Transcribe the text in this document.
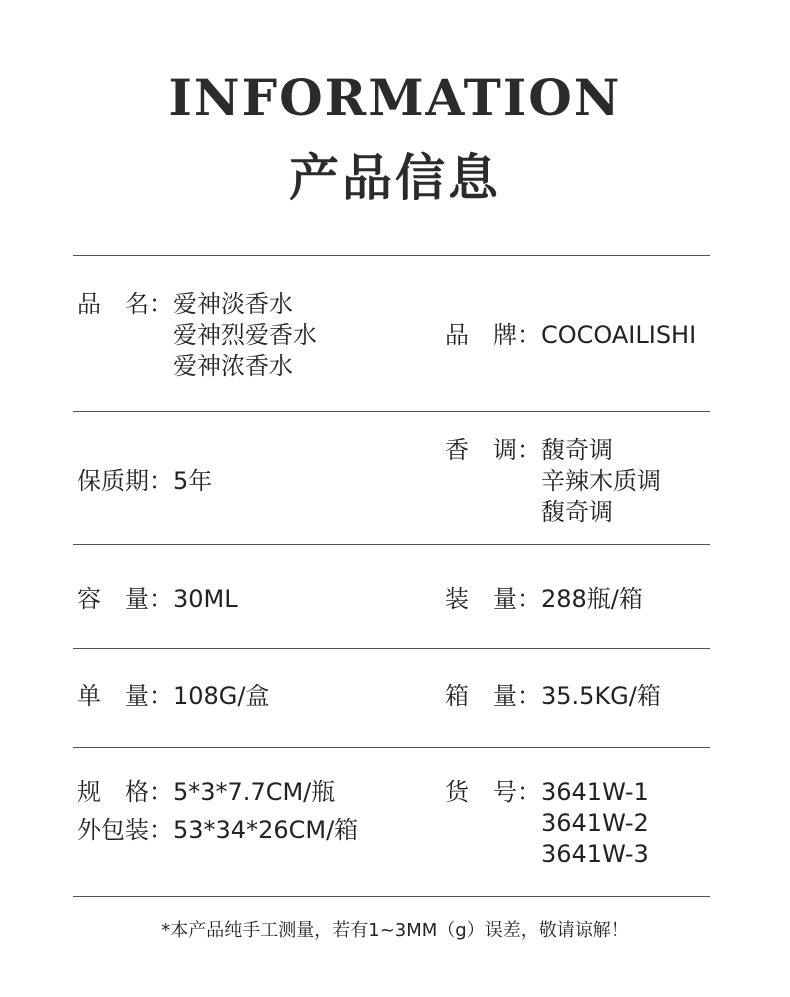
INFORMATION
产品信息
品　名： 爱神淡香水
爱神烈爱香水
爱神浓香水
品　牌：COCOAILISHI
保质期：5年
香　调： 馥奇调
辛辣木质调
馥奇调
容　量：30ML	装　量：288瓶/箱
单　量：108G/盒	箱　量：35.5KG/箱
规　格：5*3*7.7CM/瓶
外包装：53*34*26CM/箱
货　号： 3641W-1
3641W-2
3641W-3
*本产品纯手工测量，若有1~3MM（g）误差，敬请谅解！
